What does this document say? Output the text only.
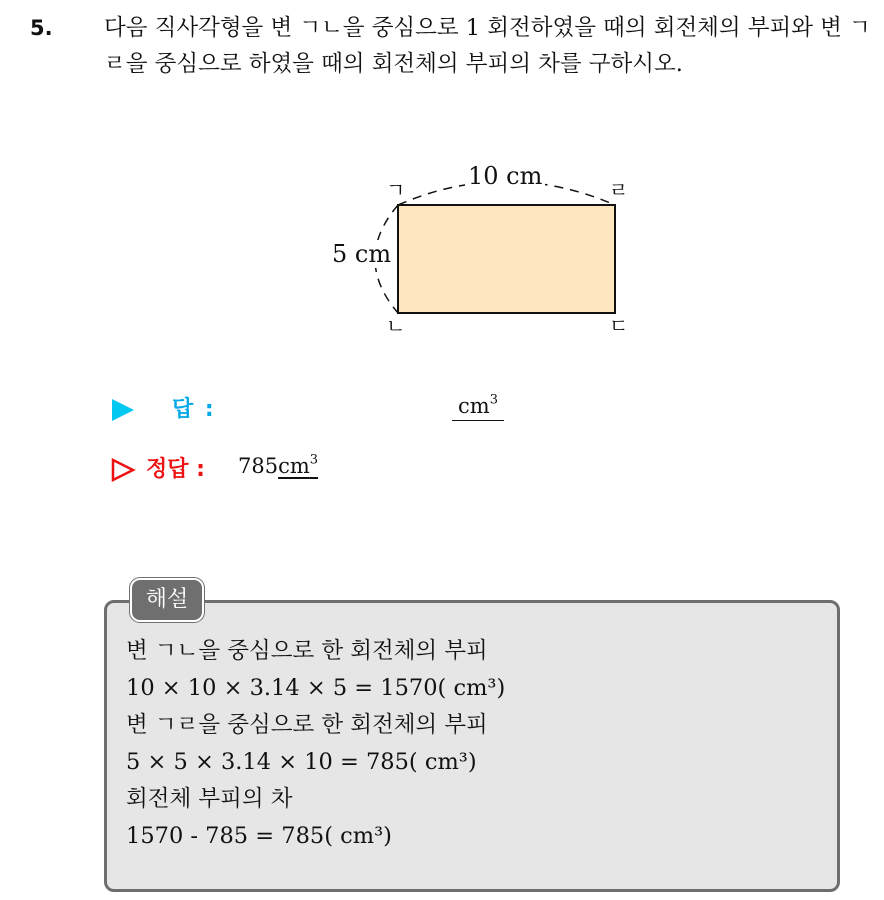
5. 다음 직사각형을 변 ㄱㄴ을 중심으로 1 회전하였을 때의 회전체의 부피와 변 ㄱㄹ을 중심으로 하였을 때의 회전체의 부피의 차를 구하시오.

10 cm
5 cm
ㄱ	ㄹ
ㄴ	ㄷ
답 :	$cm^3$
정답 : $785cm^3$
해설
변 ㄱㄴ을 중심으로 한 회전체의 부피
10 × 10 × 3.14 × 5 = 1570( cm³)
변 ㄱㄹ을 중심으로 한 회전체의 부피
5 × 5 × 3.14 × 10 = 785( cm³)
회전체 부피의 차
1570 - 785 = 785( cm³)
